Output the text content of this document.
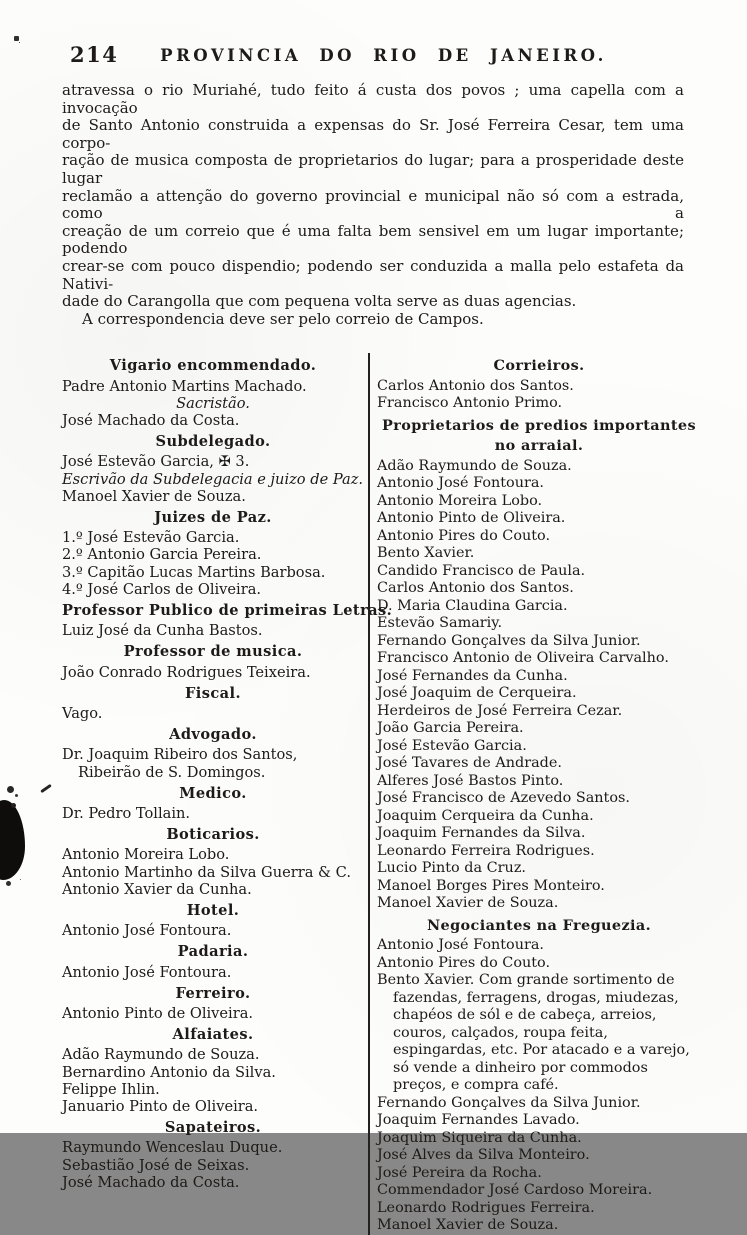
214	PROVINCIA DO RIO DE JANEIRO.
atravessa o rio Muriahé, tudo feito á custa dos povos ; uma capella com a invocação
de Santo Antonio construida a expensas do Sr. José Ferreira Cesar, tem uma corpo-
ração de musica composta de proprietarios do lugar; para a prosperidade deste lugar
reclamão a attenção do governo provincial e municipal não só com a estrada, como a
creação de um correio que é uma falta bem sensivel em um lugar importante; podendo
crear-se com pouco dispendio; podendo ser conduzida a malla pelo estafeta da Nativi-
dade do Carangolla que com pequena volta serve as duas agencias.
A correspondencia deve ser pelo correio de Campos.
Vigario encommendado.
Padre Antonio Martins Machado.
Sacristão.
José Machado da Costa.
Subdelegado.
José Estevão Garcia, ✠ 3.
Escrivão da Subdelegacia e juizo de Paz.
Manoel Xavier de Souza.
Juizes de Paz.
1.º José Estevão Garcia.
2.º Antonio Garcia Pereira.
3.º Capitão Lucas Martins Barbosa.
4.º José Carlos de Oliveira.
Professor Publico de primeiras Letras.
Luiz José da Cunha Bastos.
Professor de musica.
João Conrado Rodrigues Teixeira.
Fiscal.
Vago.
Advogado.
Dr. Joaquim Ribeiro dos Santos, Ribeirão de S. Domingos.
Medico.
Dr. Pedro Tollain.
Boticarios.
Antonio Moreira Lobo.
Antonio Martinho da Silva Guerra & C.
Antonio Xavier da Cunha.
Hotel.
Antonio José Fontoura.
Padaria.
Antonio José Fontoura.
Ferreiro.
Antonio Pinto de Oliveira.
Alfaiates.
Adão Raymundo de Souza.
Bernardino Antonio da Silva.
Felippe Ihlin.
Januario Pinto de Oliveira.
Sapateiros.
Raymundo Wenceslau Duque.
Sebastião José de Seixas.
José Machado da Costa.
Corrieiros.
Carlos Antonio dos Santos.
Francisco Antonio Primo.
Proprietarios de predios importantes
no arraial.
Adão Raymundo de Souza.
Antonio José Fontoura.
Antonio Moreira Lobo.
Antonio Pinto de Oliveira.
Antonio Pires do Couto.
Bento Xavier.
Candido Francisco de Paula.
Carlos Antonio dos Santos.
D. Maria Claudina Garcia.
Estevão Samariy.
Fernando Gonçalves da Silva Junior.
Francisco Antonio de Oliveira Carvalho.
José Fernandes da Cunha.
José Joaquim de Cerqueira.
Herdeiros de José Ferreira Cezar.
João Garcia Pereira.
José Estevão Garcia.
José Tavares de Andrade.
Alferes José Bastos Pinto.
José Francisco de Azevedo Santos.
Joaquim Cerqueira da Cunha.
Joaquim Fernandes da Silva.
Leonardo Ferreira Rodrigues.
Lucio Pinto da Cruz.
Manoel Borges Pires Monteiro.
Manoel Xavier de Souza.
Negociantes na Freguezia.
Antonio José Fontoura.
Antonio Pires do Couto.
Bento Xavier. Com grande sortimento de fazendas, ferragens, drogas, miudezas, chapéos de sól e de cabeça, arreios, couros, calçados, roupa feita, espingardas, etc. Por atacado e a varejo, só vende a dinheiro por commodos preços, e compra café.
Fernando Gonçalves da Silva Junior.
Joaquim Fernandes Lavado.
Joaquim Siqueira da Cunha.
José Alves da Silva Monteiro.
José Pereira da Rocha.
Commendador José Cardoso Moreira.
Leonardo Rodrigues Ferreira.
Manoel Xavier de Souza.
